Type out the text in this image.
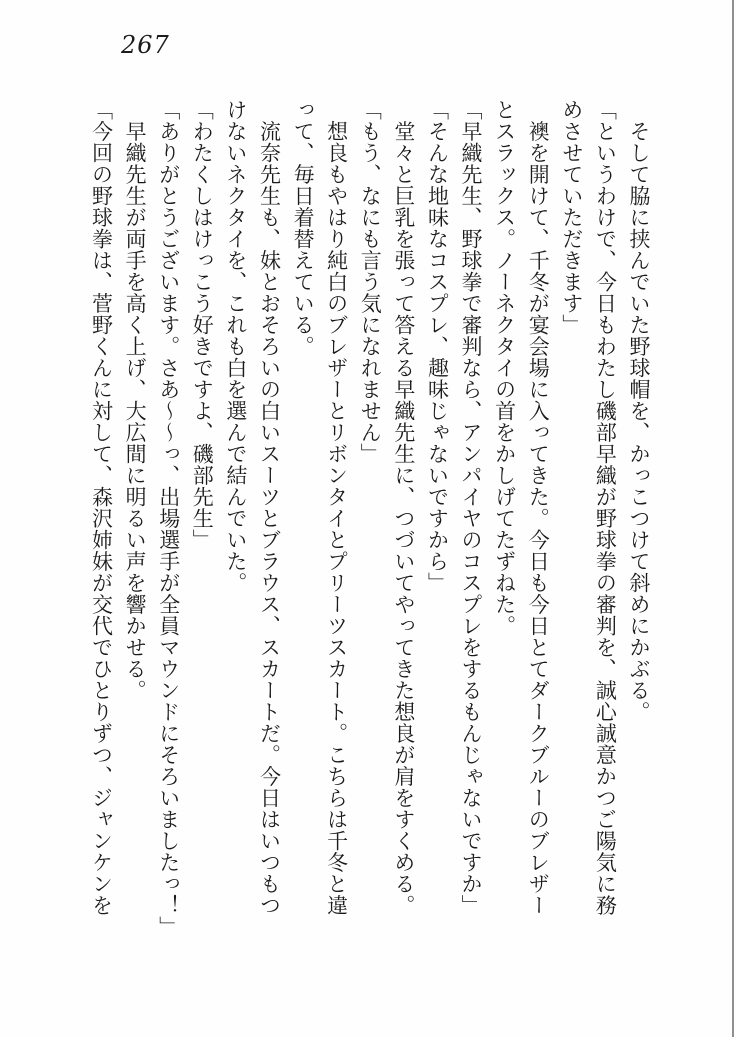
267
　そして脇に挟んでいた野球帽を、かっこつけて斜めにかぶる。
「というわけで、今日もわたし磯部早織が野球拳の審判を、誠心誠意かつご陽気に務
めさせていただきます」
　襖を開けて、千冬が宴会場に入ってきた。今日も今日とてダークブルーのブレザー
とスラックス。ノーネクタイの首をかしげてたずねた。
「早織先生、野球拳で審判なら、アンパイヤのコスプレをするもんじゃないですか」
「そんな地味なコスプレ、趣味じゃないですから」
　堂々と巨乳を張って答える早織先生に、つづいてやってきた想良が肩をすくめる。
「もう、なにも言う気になれません」
　想良もやはり純白のブレザーとリボンタイとプリーツスカート。こちらは千冬と違
って、毎日着替えている。
　流奈先生も、妹とおそろいの白いスーツとブラウス、スカートだ。今日はいつもつ
けないネクタイを、これも白を選んで結んでいた。
「わたくしはけっこう好きですよ、磯部先生」
「ありがとうございます。さあ～～っ、出場選手が全員マウンドにそろいましたっ！」
　早織先生が両手を高く上げ、大広間に明るい声を響かせる。
「今回の野球拳は、菅野くんに対して、森沢姉妹が交代でひとりずつ、ジャンケンを
